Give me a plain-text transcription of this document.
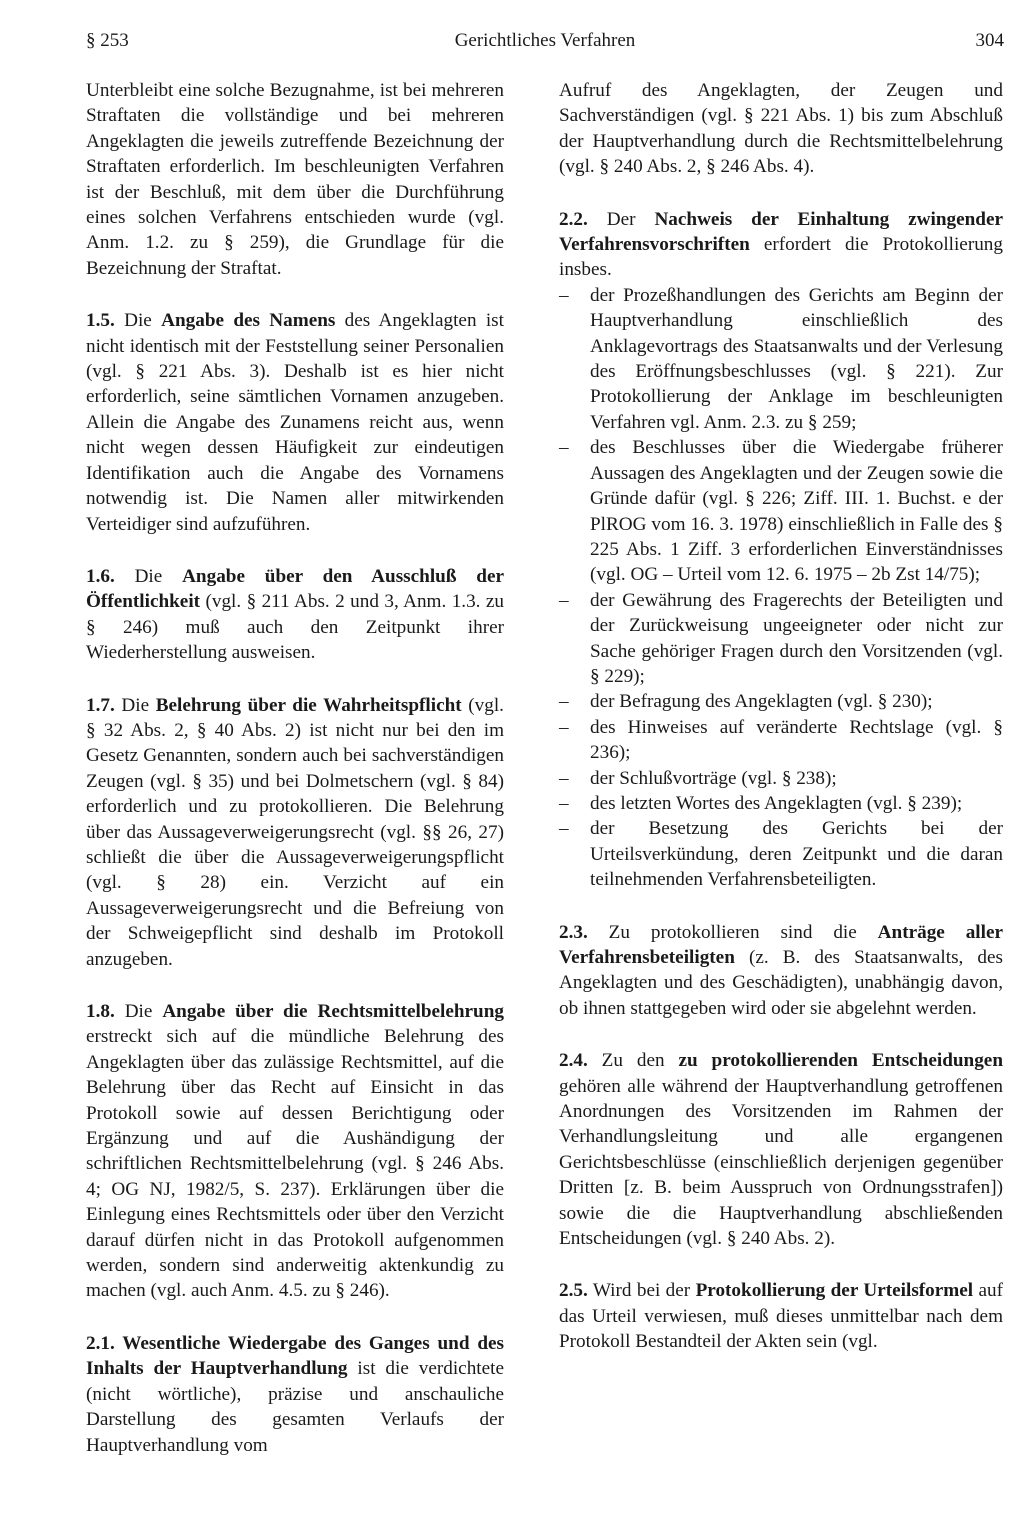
§ 253	Gerichtliches Verfahren	304

Unterbleibt eine solche Bezugnahme, ist bei mehreren Straftaten die vollständige und bei mehreren Angeklagten die jeweils zutreffende Bezeichnung der Straftaten erforderlich. Im beschleunigten Verfahren ist der Beschluß, mit dem über die Durchführung eines solchen Verfahrens entschieden wurde (vgl. Anm. 1.2. zu § 259), die Grundlage für die Bezeichnung der Straftat.

1.5. Die Angabe des Namens des Angeklagten ist nicht identisch mit der Feststellung seiner Personalien (vgl. § 221 Abs. 3). Deshalb ist es hier nicht erforderlich, seine sämtlichen Vornamen anzugeben. Allein die Angabe des Zunamens reicht aus, wenn nicht wegen dessen Häufigkeit zur eindeutigen Identifikation auch die Angabe des Vornamens notwendig ist. Die Namen aller mitwirkenden Verteidiger sind aufzuführen.

1.6. Die Angabe über den Ausschluß der Öffentlichkeit (vgl. § 211 Abs. 2 und 3, Anm. 1.3. zu § 246) muß auch den Zeitpunkt ihrer Wiederherstellung ausweisen.

1.7. Die Belehrung über die Wahrheitspflicht (vgl. § 32 Abs. 2, § 40 Abs. 2) ist nicht nur bei den im Gesetz Genannten, sondern auch bei sachverständigen Zeugen (vgl. § 35) und bei Dolmetschern (vgl. § 84) erforderlich und zu protokollieren. Die Belehrung über das Aussageverweigerungsrecht (vgl. §§ 26, 27) schließt die über die Aussageverweigerungspflicht (vgl. § 28) ein. Verzicht auf ein Aussageverweigerungsrecht und die Befreiung von der Schweigepflicht sind deshalb im Protokoll anzugeben.

1.8. Die Angabe über die Rechtsmittelbelehrung erstreckt sich auf die mündliche Belehrung des Angeklagten über das zulässige Rechtsmittel, auf die Belehrung über das Recht auf Einsicht in das Protokoll sowie auf dessen Berichtigung oder Ergänzung und auf die Aushändigung der schriftlichen Rechtsmittelbelehrung (vgl. § 246 Abs. 4; OG NJ, 1982/5, S. 237). Erklärungen über die Einlegung eines Rechtsmittels oder über den Verzicht darauf dürfen nicht in das Protokoll aufgenommen werden, sondern sind anderweitig aktenkundig zu machen (vgl. auch Anm. 4.5. zu § 246).

2.1. Wesentliche Wiedergabe des Ganges und des Inhalts der Hauptverhandlung ist die verdichtete (nicht wörtliche), präzise und anschauliche Darstellung des gesamten Verlaufs der Hauptverhandlung vom

Aufruf des Angeklagten, der Zeugen und Sachverständigen (vgl. § 221 Abs. 1) bis zum Abschluß der Hauptverhandlung durch die Rechtsmittelbelehrung (vgl. § 240 Abs. 2, § 246 Abs. 4).

2.2. Der Nachweis der Einhaltung zwingender Verfahrensvorschriften erfordert die Protokollierung insbes.

– der Prozeßhandlungen des Gerichts am Beginn der Hauptverhandlung einschließlich des Anklagevortrags des Staatsanwalts und der Verlesung des Eröffnungsbeschlusses (vgl. § 221). Zur Protokollierung der Anklage im beschleunigten Verfahren vgl. Anm. 2.3. zu § 259;
– des Beschlusses über die Wiedergabe früherer Aussagen des Angeklagten und der Zeugen sowie die Gründe dafür (vgl. § 226; Ziff. III. 1. Buchst. e der PlROG vom 16. 3. 1978) einschließlich in Falle des § 225 Abs. 1 Ziff. 3 erforderlichen Einverständnisses (vgl. OG – Urteil vom 12. 6. 1975 – 2b Zst 14/75);
– der Gewährung des Fragerechts der Beteiligten und der Zurückweisung ungeeigneter oder nicht zur Sache gehöriger Fragen durch den Vorsitzenden (vgl. § 229);
– der Befragung des Angeklagten (vgl. § 230);
– des Hinweises auf veränderte Rechtslage (vgl. § 236);
– der Schlußvorträge (vgl. § 238);
– des letzten Wortes des Angeklagten (vgl. § 239);
– der Besetzung des Gerichts bei der Urteilsverkündung, deren Zeitpunkt und die daran teilnehmenden Verfahrensbeteiligten.

2.3. Zu protokollieren sind die Anträge aller Verfahrensbeteiligten (z. B. des Staatsanwalts, des Angeklagten und des Geschädigten), unabhängig davon, ob ihnen stattgegeben wird oder sie abgelehnt werden.

2.4. Zu den zu protokollierenden Entscheidungen gehören alle während der Hauptverhandlung getroffenen Anordnungen des Vorsitzenden im Rahmen der Verhandlungsleitung und alle ergangenen Gerichtsbeschlüsse (einschließlich derjenigen gegenüber Dritten [z. B. beim Ausspruch von Ordnungsstrafen]) sowie die die Hauptverhandlung abschließenden Entscheidungen (vgl. § 240 Abs. 2).

2.5. Wird bei der Protokollierung der Urteilsformel auf das Urteil verwiesen, muß dieses unmittelbar nach dem Protokoll Bestandteil der Akten sein (vgl.
